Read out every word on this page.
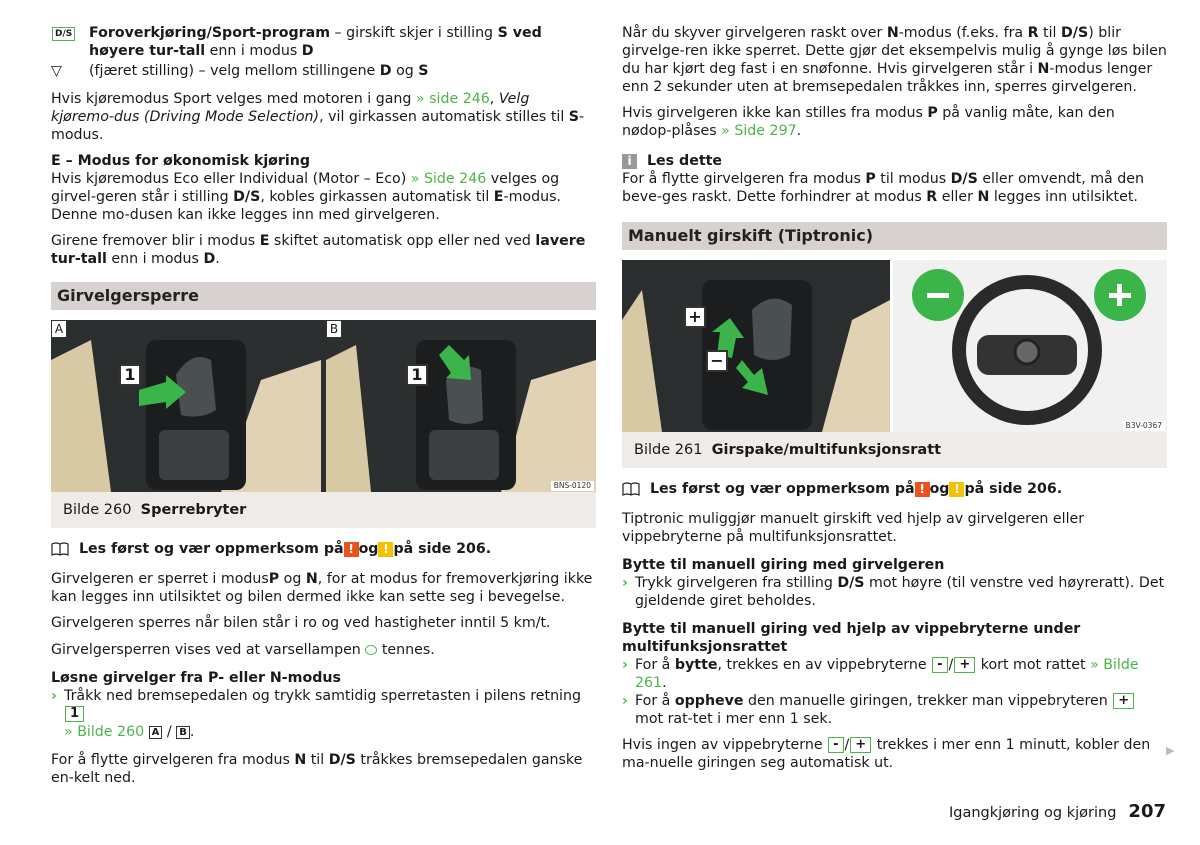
D/S	Foroverkjøring/Sport-program – girskift skjer i stilling S ved høyere tur-tall enn i modus D
▽	(fjæret stilling) – velg mellom stillingene D og S

Hvis kjøremodus Sport velges med motoren i gang » side 246, Velg kjøremo-dus (Driving Mode Selection), vil girkassen automatisk stilles til S-modus.

E – Modus for økonomisk kjøring
Hvis kjøremodus Eco eller Individual (Motor – Eco) » Side 246 velges og girvel-geren står i stilling D/S, kobles girkassen automatisk til E-modus. Denne mo-dusen kan ikke legges inn med girvelgeren.

Girene fremover blir i modus E skiftet automatisk opp eller ned ved lavere tur-tall enn i modus D.

Girvelgersperre
A	B
1	1
BNS-0120
Bilde 260 Sperrebryter
Les først og vær oppmerksom på ! og ! på side 206.

Girvelgeren er sperret i modusP og N, for at modus for fremoverkjøring ikke kan legges inn utilsiktet og bilen dermed ikke kan sette seg i bevegelse.

Girvelgeren sperres når bilen står i ro og ved hastigheter inntil 5 km/t.

Girvelgersperren vises ved at varsellampen  tennes.

Løsne girvelger fra P- eller N-modus
› Tråkk ned bremsepedalen og trykk samtidig sperretasten i pilens retning 1
» Bilde 260 A / B .

For å flytte girvelgeren fra modus N til D/S tråkkes bremsepedalen ganske en-kelt ned.

Når du skyver girvelgeren raskt over N-modus (f.eks. fra R til D/S) blir girvelge-ren ikke sperret. Dette gjør det eksempelvis mulig å gynge løs bilen du har kjørt deg fast i en snøfonne. Hvis girvelgeren står i N-modus lenger enn 2 sekunder uten at bremsepedalen tråkkes inn, sperres girvelgeren.

Hvis girvelgeren ikke kan stilles fra modus P på vanlig måte, kan den nødop-plåses » Side 297.

i	Les dette
For å flytte girvelgeren fra modus P til modus D/S eller omvendt, må den beve-ges raskt. Dette forhindrer at modus R eller N legges inn utilsiktet.
Manuelt girskift (Tiptronic)
+
−
B3V-0367
Bilde 261 Girspake/multifunksjonsratt
Les først og vær oppmerksom på ! og ! på side 206.

Tiptronic muliggjør manuelt girskift ved hjelp av girvelgeren eller vippebryterne på multifunksjonsrattet.

Bytte til manuell giring med girvelgeren
› Trykk girvelgeren fra stilling D/S mot høyre (til venstre ved høyreratt). Det gjeldende giret beholdes.
Bytte til manuell giring ved hjelp av vippebryterne under multifunksjonsrattet
› For å bytte, trekkes en av vippebryterne - / + kort mot rattet » Bilde 261.
› For å oppheve den manuelle giringen, trekker man vippebryteren + mot rat-tet i mer enn 1 sek.

Hvis ingen av vippebryterne - / + trekkes i mer enn 1 minutt, kobler den ma-nuelle giringen seg automatisk ut.

▶
Igangkjøring og kjøring 207
